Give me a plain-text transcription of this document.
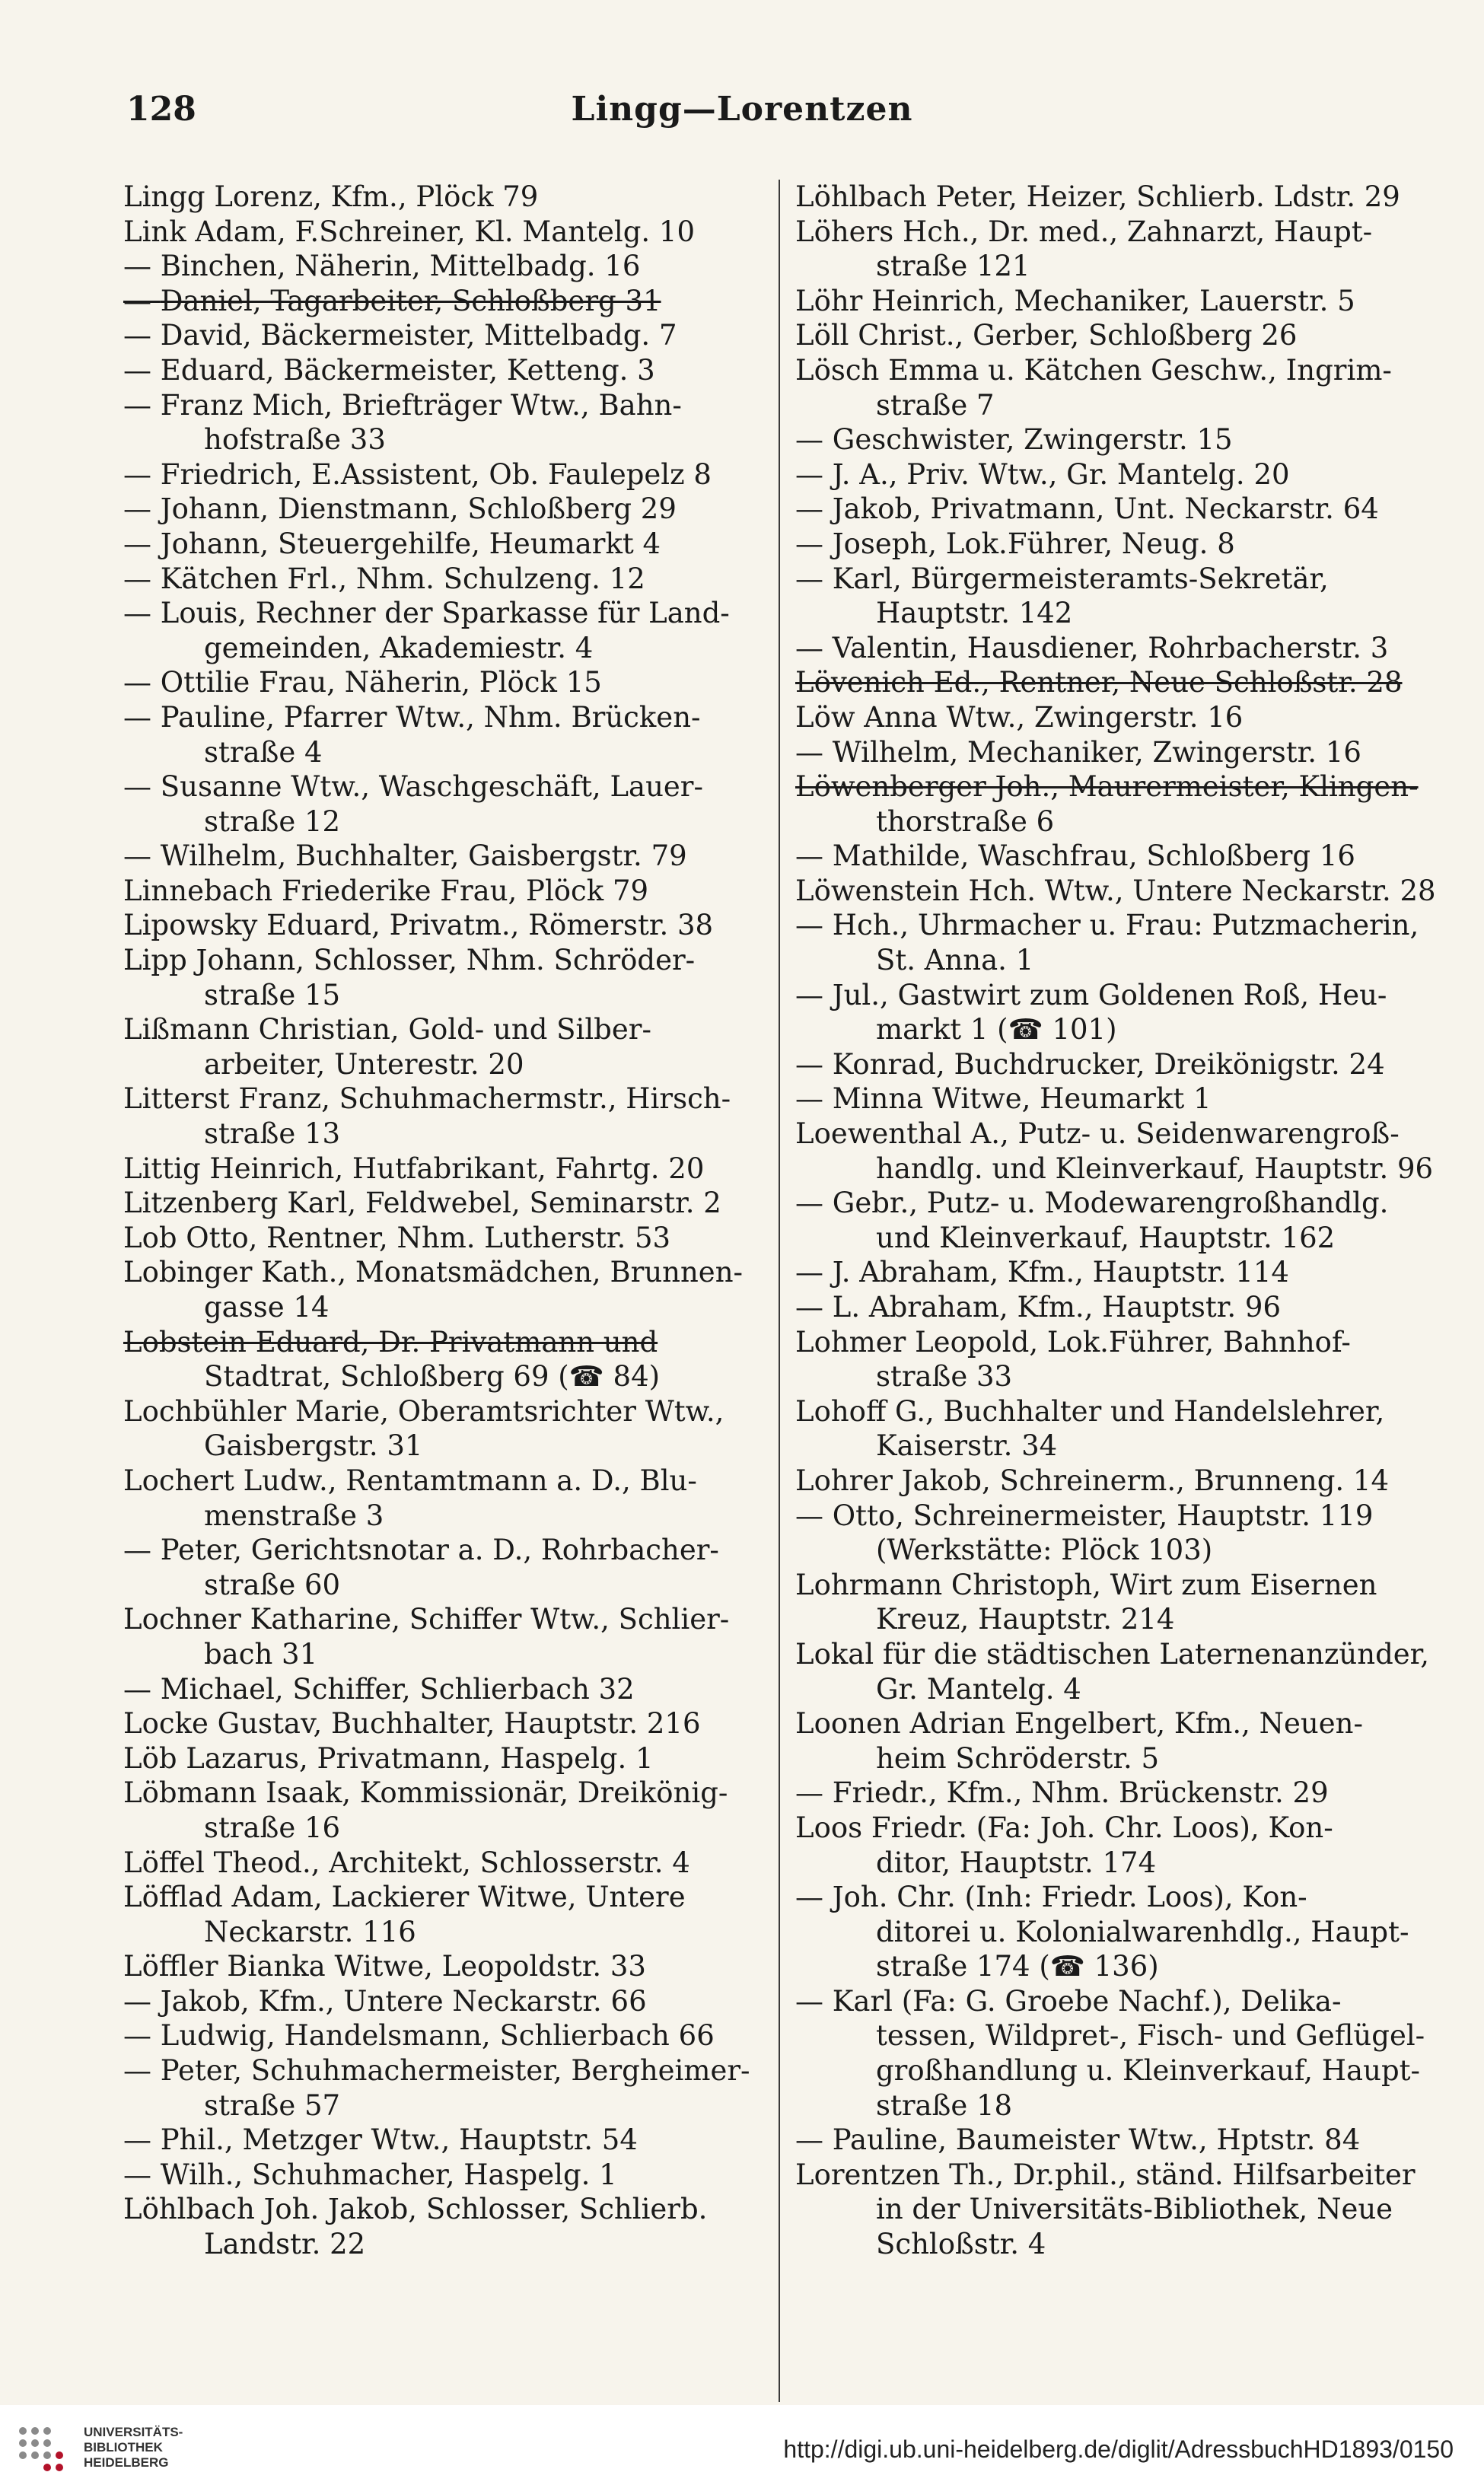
Lingg—Lorentzen
128
Lingg Lorenz, Kfm., Plöck 79
Link Adam, F.Schreiner, Kl. Mantelg. 10
— Binchen, Näherin, Mittelbadg. 16
— Daniel, Tagarbeiter, Schloßberg 31
— David, Bäckermeister, Mittelbadg. 7
— Eduard, Bäckermeister, Ketteng. 3
— Franz Mich, Briefträger Wtw., Bahn-
hofstraße 33
— Friedrich, E.Assistent, Ob. Faulepelz 8
— Johann, Dienstmann, Schloßberg 29
— Johann, Steuergehilfe, Heumarkt 4
— Kätchen Frl., Nhm. Schulzeng. 12
— Louis, Rechner der Sparkasse für Land-
gemeinden, Akademiestr. 4
— Ottilie Frau, Näherin, Plöck 15
— Pauline, Pfarrer Wtw., Nhm. Brücken-
straße 4
— Susanne Wtw., Waschgeschäft, Lauer-
straße 12
— Wilhelm, Buchhalter, Gaisbergstr. 79
Linnebach Friederike Frau, Plöck 79
Lipowsky Eduard, Privatm., Römerstr. 38
Lipp Johann, Schlosser, Nhm. Schröder-
straße 15
Lißmann Christian, Gold- und Silber-
arbeiter, Unterestr. 20
Litterst Franz, Schuhmachermstr., Hirsch-
straße 13
Littig Heinrich, Hutfabrikant, Fahrtg. 20
Litzenberg Karl, Feldwebel, Seminarstr. 2
Lob Otto, Rentner, Nhm. Lutherstr. 53
Lobinger Kath., Monatsmädchen, Brunnen-
gasse 14
Lobstein Eduard, Dr. Privatmann und
Stadtrat, Schloßberg 69 (☎ 84)
Lochbühler Marie, Oberamtsrichter Wtw.,
Gaisbergstr. 31
Lochert Ludw., Rentamtmann a. D., Blu-
menstraße 3
— Peter, Gerichtsnotar a. D., Rohrbacher-
straße 60
Lochner Katharine, Schiffer Wtw., Schlier-
bach 31
— Michael, Schiffer, Schlierbach 32
Locke Gustav, Buchhalter, Hauptstr. 216
Löb Lazarus, Privatmann, Haspelg. 1
Löbmann Isaak, Kommissionär, Dreikönig-
straße 16
Löffel Theod., Architekt, Schlosserstr. 4
Löfflad Adam, Lackierer Witwe, Untere
Neckarstr. 116
Löffler Bianka Witwe, Leopoldstr. 33
— Jakob, Kfm., Untere Neckarstr. 66
— Ludwig, Handelsmann, Schlierbach 66
— Peter, Schuhmachermeister, Bergheimer-
straße 57
— Phil., Metzger Wtw., Hauptstr. 54
— Wilh., Schuhmacher, Haspelg. 1
Löhlbach Joh. Jakob, Schlosser, Schlierb.
Landstr. 22
Löhlbach Peter, Heizer, Schlierb. Ldstr. 29
Löhers Hch., Dr. med., Zahnarzt, Haupt-
straße 121
Löhr Heinrich, Mechaniker, Lauerstr. 5
Löll Christ., Gerber, Schloßberg 26
Lösch Emma u. Kätchen Geschw., Ingrim-
straße 7
— Geschwister, Zwingerstr. 15
— J. A., Priv. Wtw., Gr. Mantelg. 20
— Jakob, Privatmann, Unt. Neckarstr. 64
— Joseph, Lok.Führer, Neug. 8
— Karl, Bürgermeisteramts-Sekretär,
Hauptstr. 142
— Valentin, Hausdiener, Rohrbacherstr. 3
Lövenich Ed., Rentner, Neue Schloßstr. 28
Löw Anna Wtw., Zwingerstr. 16
— Wilhelm, Mechaniker, Zwingerstr. 16
Löwenberger Joh., Maurermeister, Klingen-
thorstraße 6
— Mathilde, Waschfrau, Schloßberg 16
Löwenstein Hch. Wtw., Untere Neckarstr. 28
— Hch., Uhrmacher u. Frau: Putzmacherin,
St. Anna. 1
— Jul., Gastwirt zum Goldenen Roß, Heu-
markt 1 (☎ 101)
— Konrad, Buchdrucker, Dreikönigstr. 24
— Minna Witwe, Heumarkt 1
Loewenthal A., Putz- u. Seidenwarengroß-
handlg. und Kleinverkauf, Hauptstr. 96
— Gebr., Putz- u. Modewarengroßhandlg.
und Kleinverkauf, Hauptstr. 162
— J. Abraham, Kfm., Hauptstr. 114
— L. Abraham, Kfm., Hauptstr. 96
Lohmer Leopold, Lok.Führer, Bahnhof-
straße 33
Lohoff G., Buchhalter und Handelslehrer,
Kaiserstr. 34
Lohrer Jakob, Schreinerm., Brunneng. 14
— Otto, Schreinermeister, Hauptstr. 119
(Werkstätte: Plöck 103)
Lohrmann Christoph, Wirt zum Eisernen
Kreuz, Hauptstr. 214
Lokal für die städtischen Laternenanzünder,
Gr. Mantelg. 4
Loonen Adrian Engelbert, Kfm., Neuen-
heim Schröderstr. 5
— Friedr., Kfm., Nhm. Brückenstr. 29
Loos Friedr. (Fa: Joh. Chr. Loos), Kon-
ditor, Hauptstr. 174
— Joh. Chr. (Inh: Friedr. Loos), Kon-
ditorei u. Kolonialwarenhdlg., Haupt-
straße 174 (☎ 136)
— Karl (Fa: G. Groebe Nachf.), Delika-
tessen, Wildpret-, Fisch- und Geflügel-
großhandlung u. Kleinverkauf, Haupt-
straße 18
— Pauline, Baumeister Wtw., Hptstr. 84
Lorentzen Th., Dr.phil., ständ. Hilfsarbeiter
in der Universitäts-Bibliothek, Neue
Schloßstr. 4
UNIVERSITÄTS-
BIBLIOTHEK
HEIDELBERG	http://digi.ub.uni-heidelberg.de/diglit/AdressbuchHD1893/0150
